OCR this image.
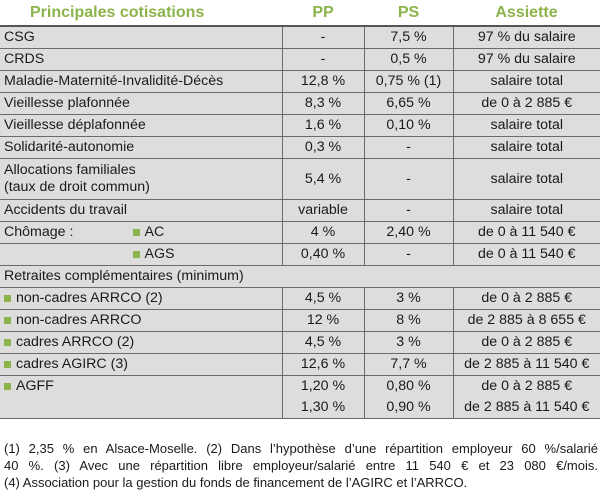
Principales cotisations	PP	PS	Assiette
CSG	-	7,5 %	97 % du salaire
CRDS	-	0,5 %	97 % du salaire
Maladie-Maternité-Invalidité-Décès	12,8 %	0,75 % (1)	salaire total
Vieillesse plafonnée	8,3 %	6,65 %	de 0 à 2 885 €
Vieillesse déplafonnée	1,6 %	0,10 %	salaire total
Solidarité-autonomie	0,3 %	-	salaire total

Allocations familiales
(taux de droit commun)	5,4 %	-	salaire total
Accidents du travail	variable	-	salaire total

Chômage : AC	4 %	2,40 %	de 0 à 11 540 €

AGS	0,40 %	-	de 0 à 11 540 €
Retraites complémentaires (minimum)			

non-cadres ARRCO (2)	4,5 %	3 %	de 0 à 2 885 €

non-cadres ARRCO	12 %	8 %	de 2 885 à 8 655 €

cadres ARRCO (2)	4,5 %	3 %	de 0 à 2 885 €

cadres AGIRC (3)	12,6 %	7,7 %	de 2 885 à 11 540 €

AGFF	1,20 %	0,80 %	de 0 à 2 885 €
	1,30 %	0,90 %	de 2 885 à 11 540 €

(1) 2,35 % en Alsace-Moselle. (2) Dans l’hypothèse d’une répartition employeur 60 %/salarié

40 %. (3) Avec une répartition libre employeur/salarié entre 11 540 € et 23 080 €/mois.

(4) Association pour la gestion du fonds de financement de l’AGIRC et l’ARRCO.
